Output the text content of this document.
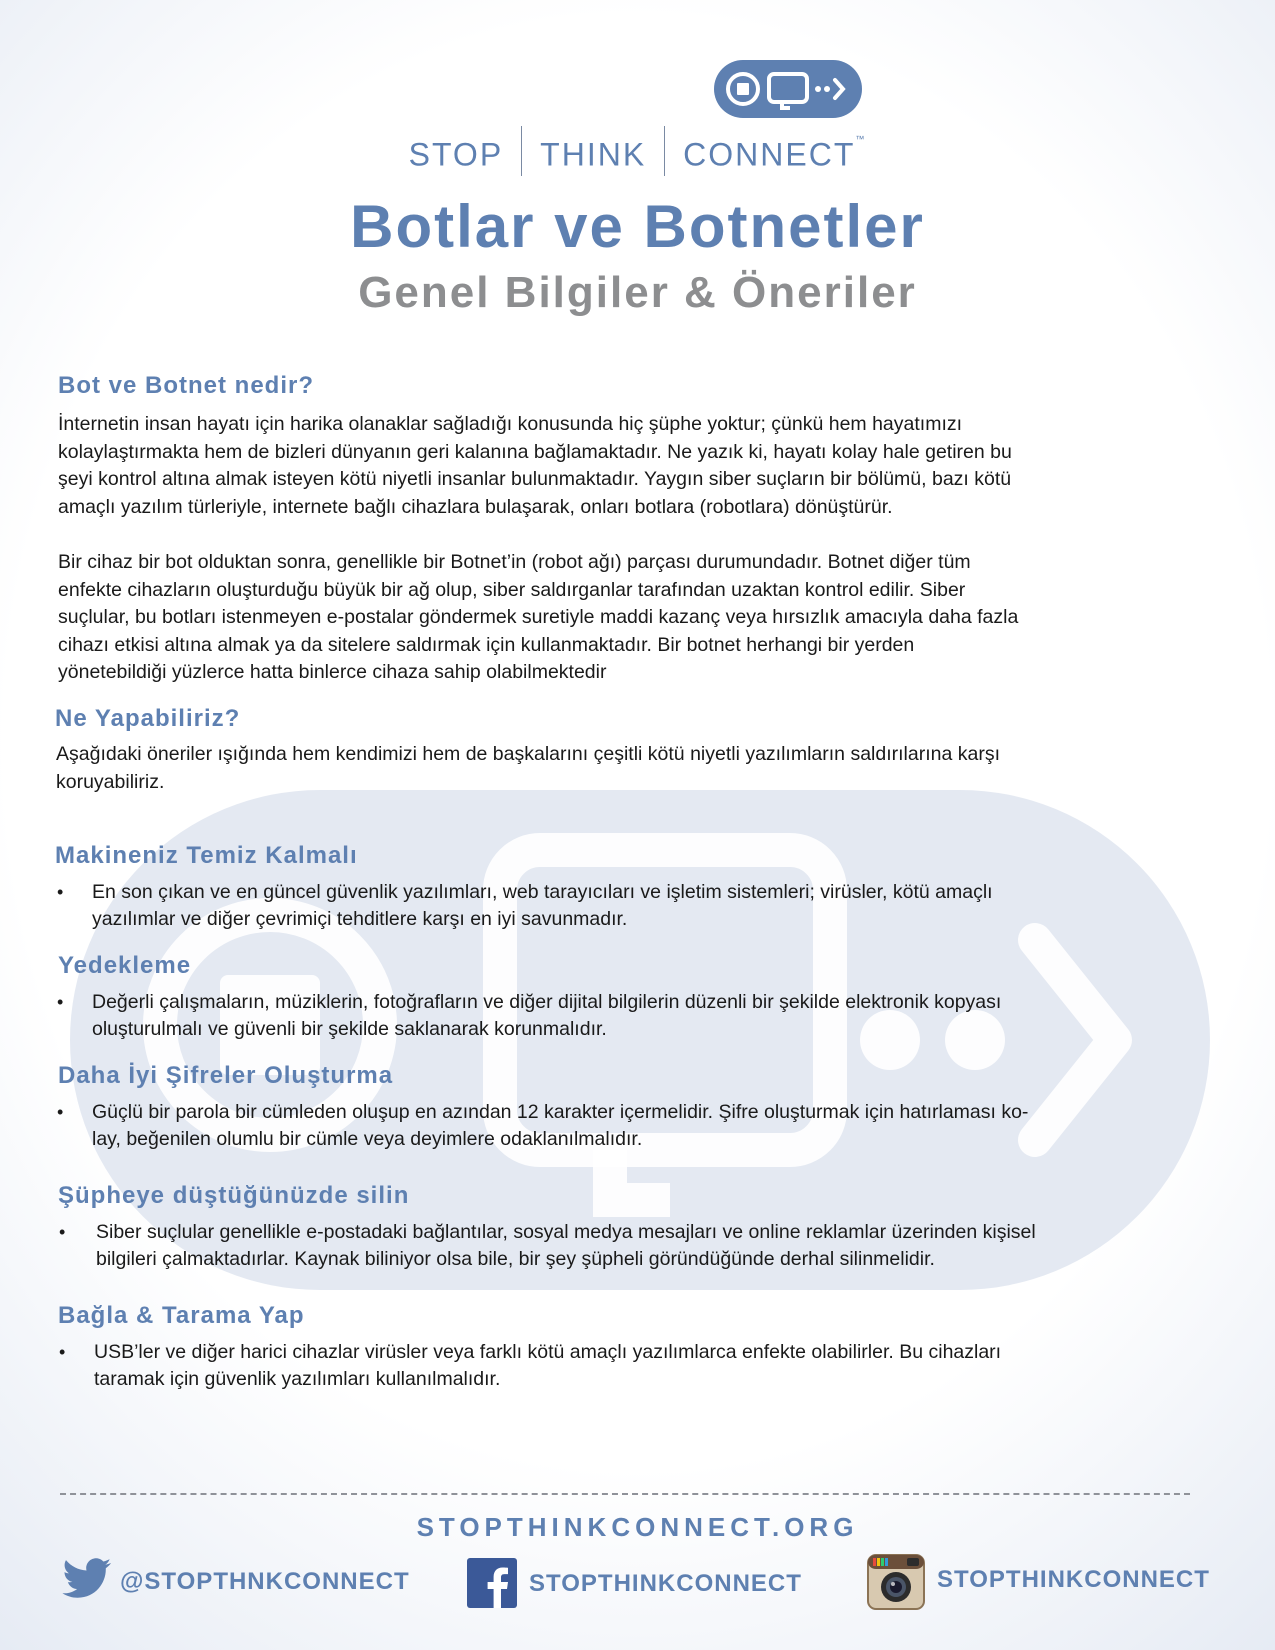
STOP THINK CONNECT™
Botlar ve Botnetler
Genel Bilgiler & Öneriler
Bot ve Botnet nedir?
İnternetin insan hayatı için harika olanaklar sağladığı konusunda hiç şüphe yoktur; çünkü hem hayatımızı
kolaylaştırmakta hem de bizleri dünyanın geri kalanına bağlamaktadır. Ne yazık ki, hayatı kolay hale getiren bu
şeyi kontrol altına almak isteyen kötü niyetli insanlar bulunmaktadır. Yaygın siber suçların bir bölümü, bazı kötü
amaçlı yazılım türleriyle, internete bağlı cihazlara bulaşarak, onları botlara (robotlara) dönüştürür.
Bir cihaz bir bot olduktan sonra, genellikle bir Botnet’in (robot ağı) parçası durumundadır. Botnet diğer tüm
enfekte cihazların oluşturduğu büyük bir ağ olup, siber saldırganlar tarafından uzaktan kontrol edilir. Siber
suçlular, bu botları istenmeyen e-postalar göndermek suretiyle maddi kazanç veya hırsızlık amacıyla daha fazla
cihazı etkisi altına almak ya da sitelere saldırmak için kullanmaktadır. Bir botnet herhangi bir yerden
yönetebildiği yüzlerce hatta binlerce cihaza sahip olabilmektedir
Ne Yapabiliriz?
Aşağıdaki öneriler ışığında hem kendimizi hem de başkalarını çeşitli kötü niyetli yazılımların saldırılarına karşı
koruyabiliriz.
Makineniz Temiz Kalmalı
• En son çıkan ve en güncel güvenlik yazılımları, web tarayıcıları ve işletim sistemleri; virüsler, kötü amaçlı
yazılımlar ve diğer çevrimiçi tehditlere karşı en iyi savunmadır.
Yedekleme
• Değerli çalışmaların, müziklerin, fotoğrafların ve diğer dijital bilgilerin düzenli bir şekilde elektronik kopyası
oluşturulmalı ve güvenli bir şekilde saklanarak korunmalıdır.
Daha İyi Şifreler Oluşturma
• Güçlü bir parola bir cümleden oluşup en azından 12 karakter içermelidir. Şifre oluşturmak için hatırlaması ko-
lay, beğenilen olumlu bir cümle veya deyimlere odaklanılmalıdır.
Şüpheye düştüğünüzde silin
• Siber suçlular genellikle e-postadaki bağlantılar, sosyal medya mesajları ve online reklamlar üzerinden kişisel
bilgileri çalmaktadırlar. Kaynak biliniyor olsa bile, bir şey şüpheli göründüğünde derhal silinmelidir.
Bağla & Tarama Yap
• USB’ler ve diğer harici cihazlar virüsler veya farklı kötü amaçlı yazılımlarca enfekte olabilirler. Bu cihazları
taramak için güvenlik yazılımları kullanılmalıdır.
STOPTHINKCONNECT.ORG
@STOPTHNKCONNECT	STOPTHINKCONNECT	STOPTHINKCONNECT
